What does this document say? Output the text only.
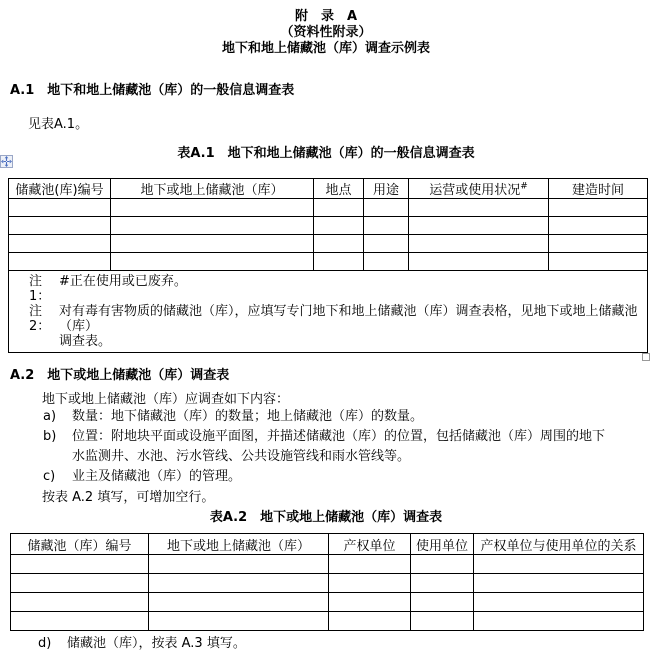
附　录　A
（资料性附录）
地下和地上储藏池（库）调查示例表
A.1　地下和地上储藏池（库）的一般信息调查表
见表A.1。
表A.1　地下和地上储藏池（库）的一般信息调查表
储藏池(库)编号	地下或地上储藏池（库）	地点	用途	运营或使用状况#	建造时间

注1：
#正在使用或已废弃。
注2：
对有毒有害物质的储藏池（库），应填写专门地下和地上储藏池（库）调查表格，见地下或地上储藏池（库）
调查表。					
A.2　地下或地上储藏池（库）调查表
地下或地上储藏池（库）应调查如下内容：
a)	数量：地下储藏池（库）的数量；地上储藏池（库）的数量。
b)	位置：附地块平面或设施平面图，并描述储藏池（库）的位置，包括储藏池（库）周围的地下
水监测井、水池、污水管线、公共设施管线和雨水管线等。
c)	业主及储藏池（库）的管理。
按表 A.2 填写，可增加空行。
表A.2　地下或地上储藏池（库）调查表
储藏池（库）编号	地下或地上储藏池（库）	产权单位	使用单位	产权单位与使用单位的关系

d)	储藏池（库），按表 A.3 填写。
